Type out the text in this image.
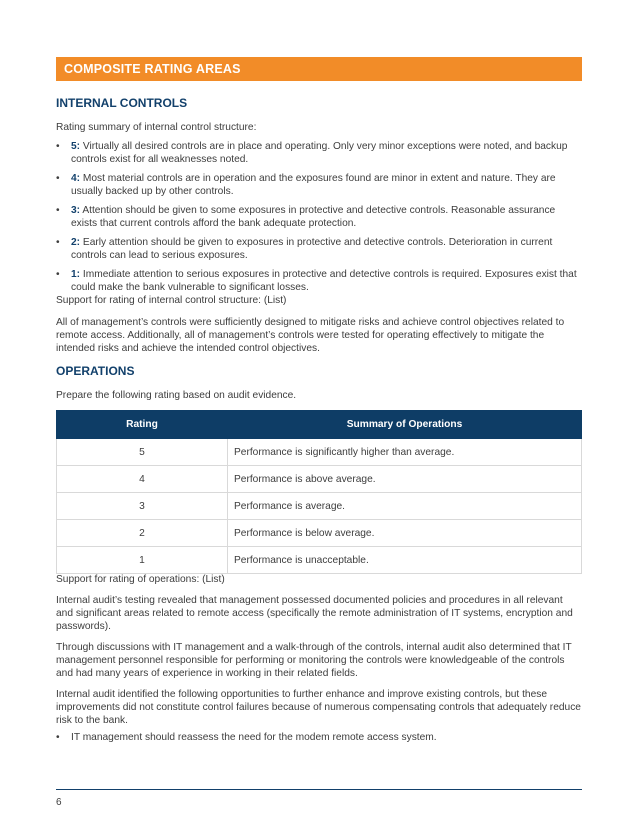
COMPOSITE RATING AREAS
INTERNAL CONTROLS
Rating summary of internal control structure:
• 5: Virtually all desired controls are in place and operating. Only very minor exceptions were noted, and backup controls exist for all weaknesses noted.
• 4: Most material controls are in operation and the exposures found are minor in extent and nature. They are usually backed up by other controls.
• 3: Attention should be given to some exposures in protective and detective controls. Reasonable assurance exists that current controls afford the bank adequate protection.
• 2: Early attention should be given to exposures in protective and detective controls. Deterioration in current controls can lead to serious exposures.
• 1: Immediate attention to serious exposures in protective and detective controls is required. Exposures exist that could make the bank vulnerable to significant losses.
Support for rating of internal control structure: (List)
All of management’s controls were sufficiently designed to mitigate risks and achieve control objectives related to remote access. Additionally, all of management’s controls were tested for operating effectively to mitigate the intended risks and achieve the intended control objectives.
OPERATIONS
Prepare the following rating based on audit evidence.
Rating	Summary of Operations
5	Performance is significantly higher than average.
4	Performance is above average.
3	Performance is average.
2	Performance is below average.
1	Performance is unacceptable.
Support for rating of operations: (List)
Internal audit’s testing revealed that management possessed documented policies and procedures in all relevant and significant areas related to remote access (specifically the remote administration of IT systems, encryption and passwords).
Through discussions with IT management and a walk-through of the controls, internal audit also determined that IT management personnel responsible for performing or monitoring the controls were knowledgeable of the controls and had many years of experience in working in their related fields.
Internal audit identified the following opportunities to further enhance and improve existing controls, but these improvements did not constitute control failures because of numerous compensating controls that adequately reduce risk to the bank.
• IT management should reassess the need for the modem remote access system.
6
